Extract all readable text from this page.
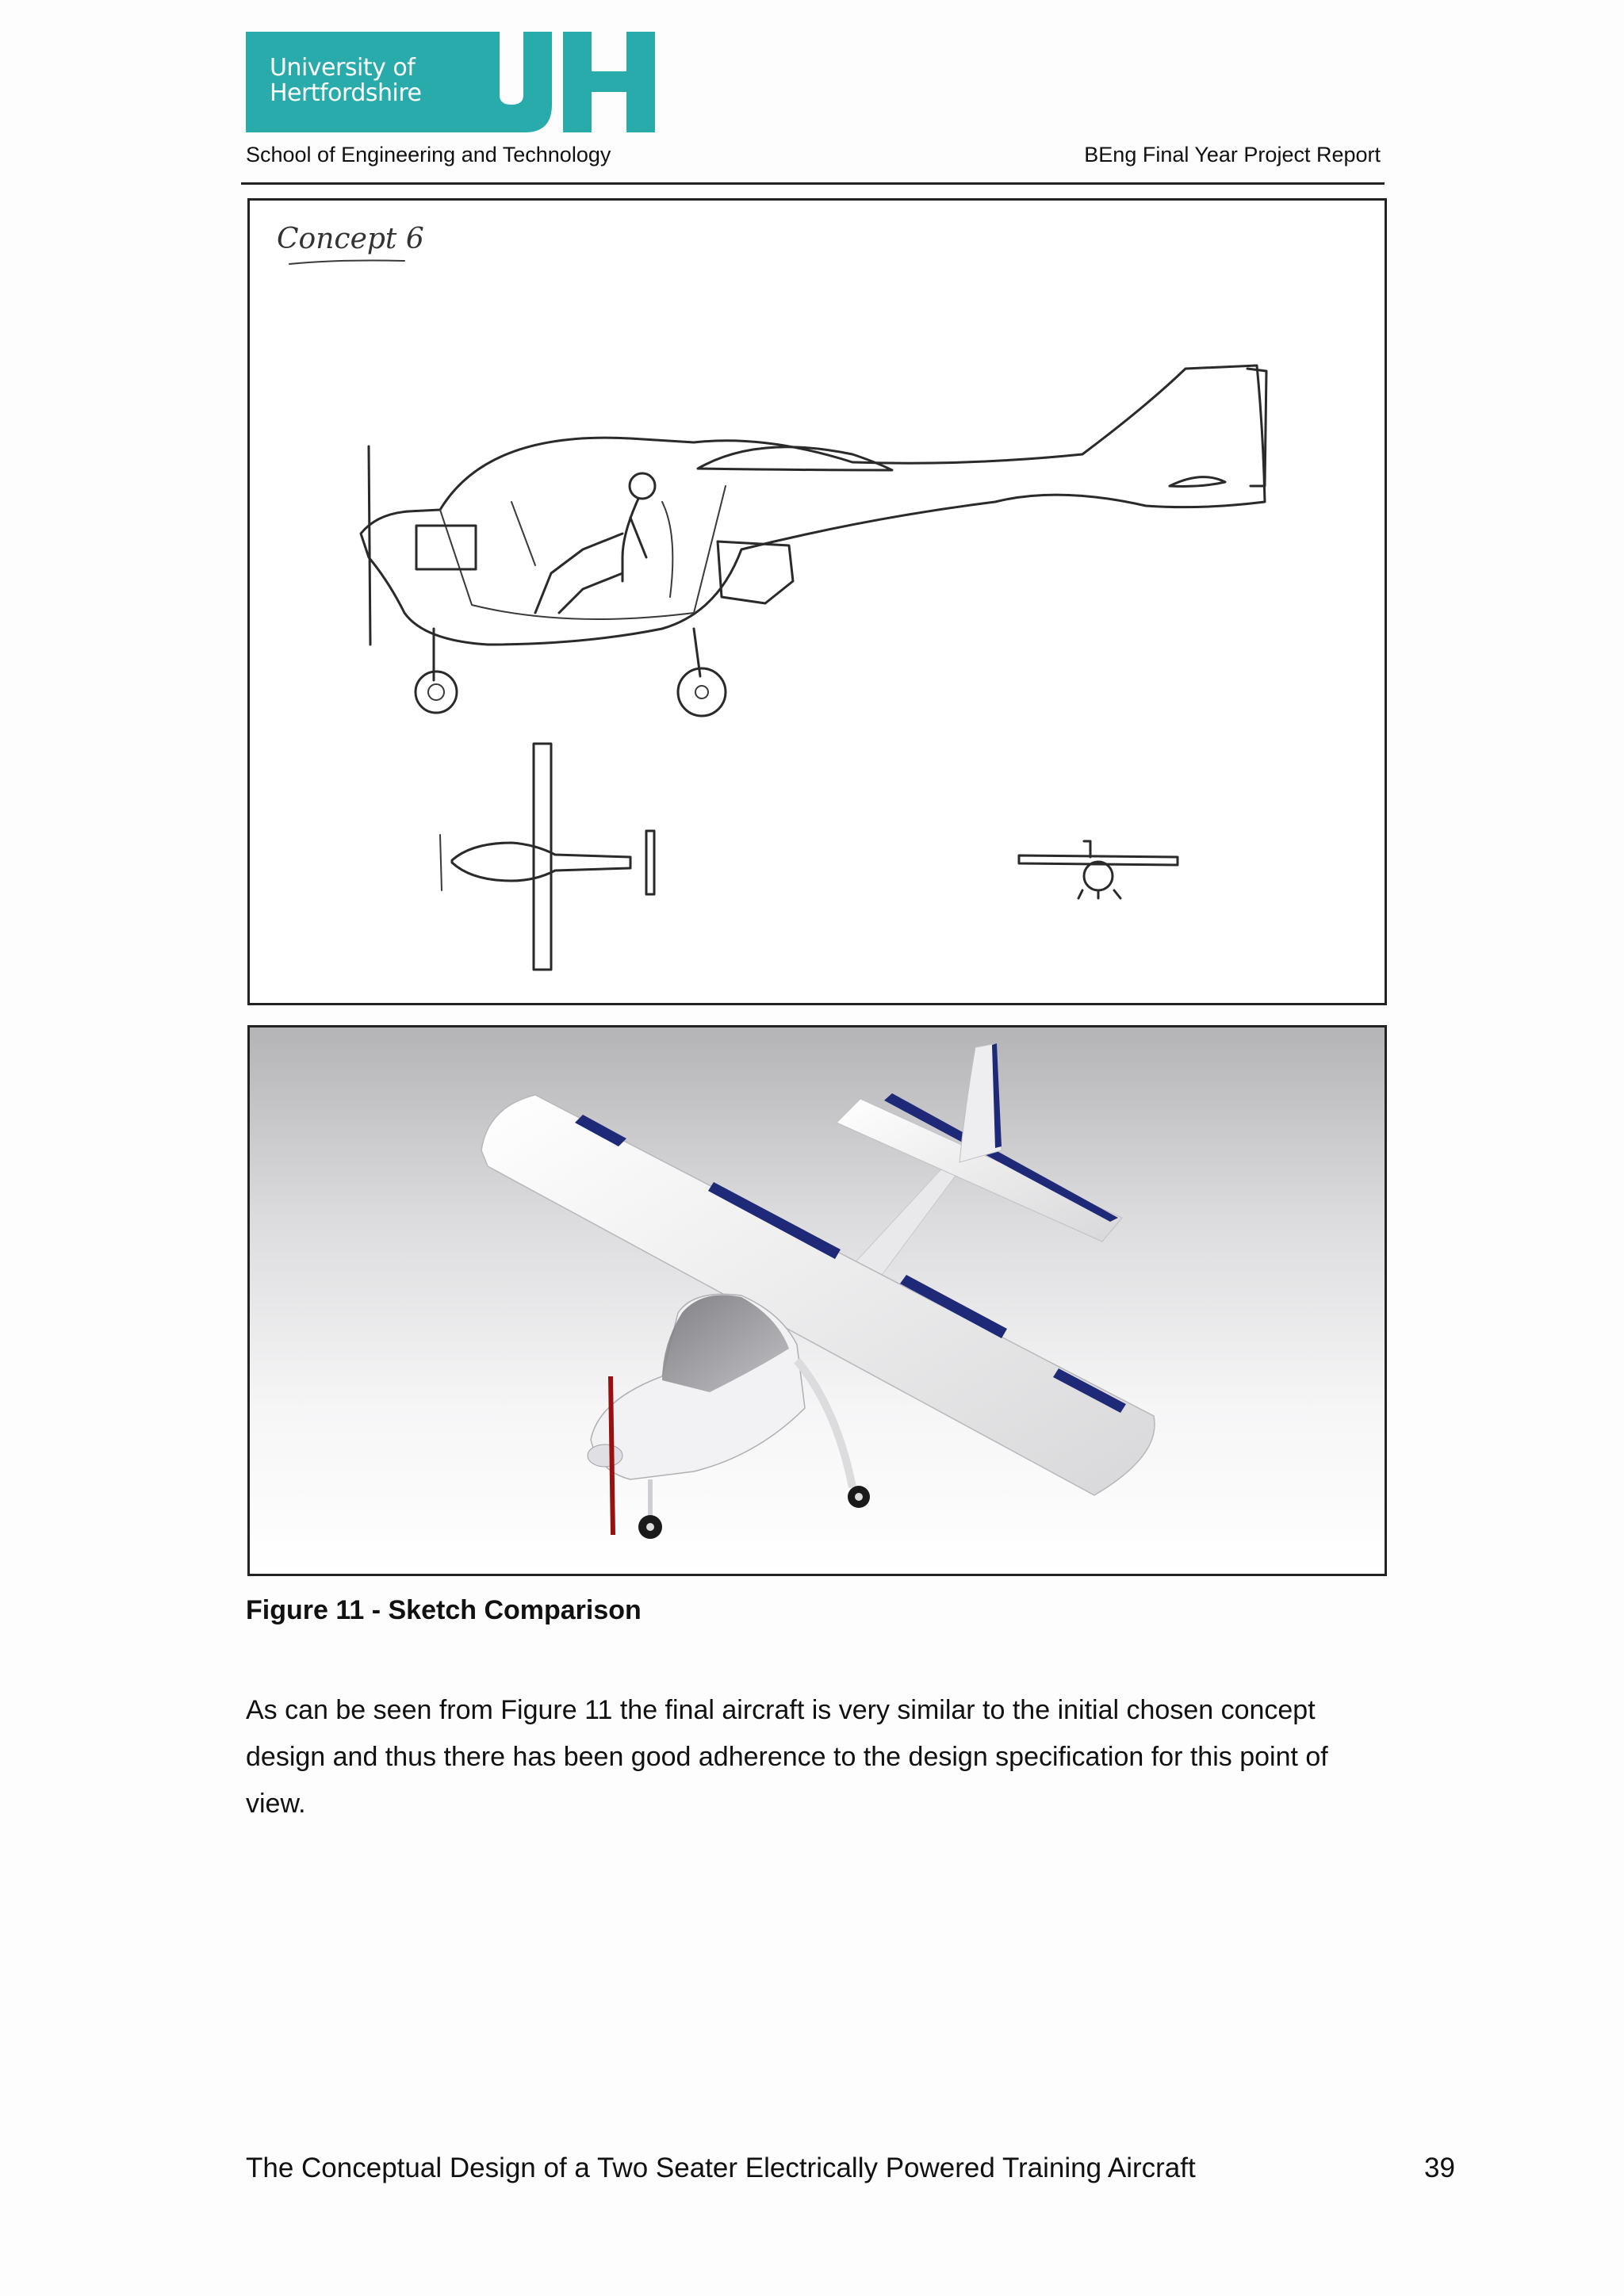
University of
Hertfordshire
School of Engineering and Technology	BEng Final Year Project Report
Concept 6
Figure 11 - Sketch Comparison
As can be seen from Figure 11 the final aircraft is very similar to the initial chosen concept design and thus there has been good adherence to the design specification for this point of view.
The Conceptual Design of a Two Seater Electrically Powered Training Aircraft	39
